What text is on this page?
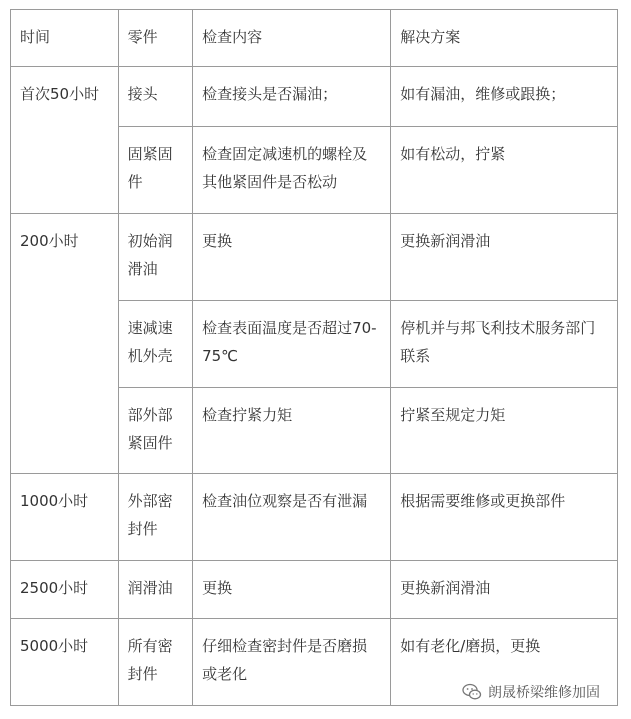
时间	零件	检查内容	解决方案
首次50小时	接头	检查接头是否漏油；	如有漏油，维修或跟换；
	固紧固件	检查固定减速机的螺栓及其他紧固件是否松动	如有松动，拧紧
200小时	初始润滑油	更换	更换新润滑油
	速减速机外壳	检查表面温度是否超过70-75℃	停机并与邦飞利技术服务部门联系
	部外部紧固件	检查拧紧力矩	拧紧至规定力矩
1000小时	外部密封件	检查油位观察是否有泄漏	根据需要维修或更换部件
2500小时	润滑油	更换	更换新润滑油
5000小时	所有密封件	仔细检查密封件是否磨损或老化	如有老化/磨损，更换
朗晟桥梁维修加固
